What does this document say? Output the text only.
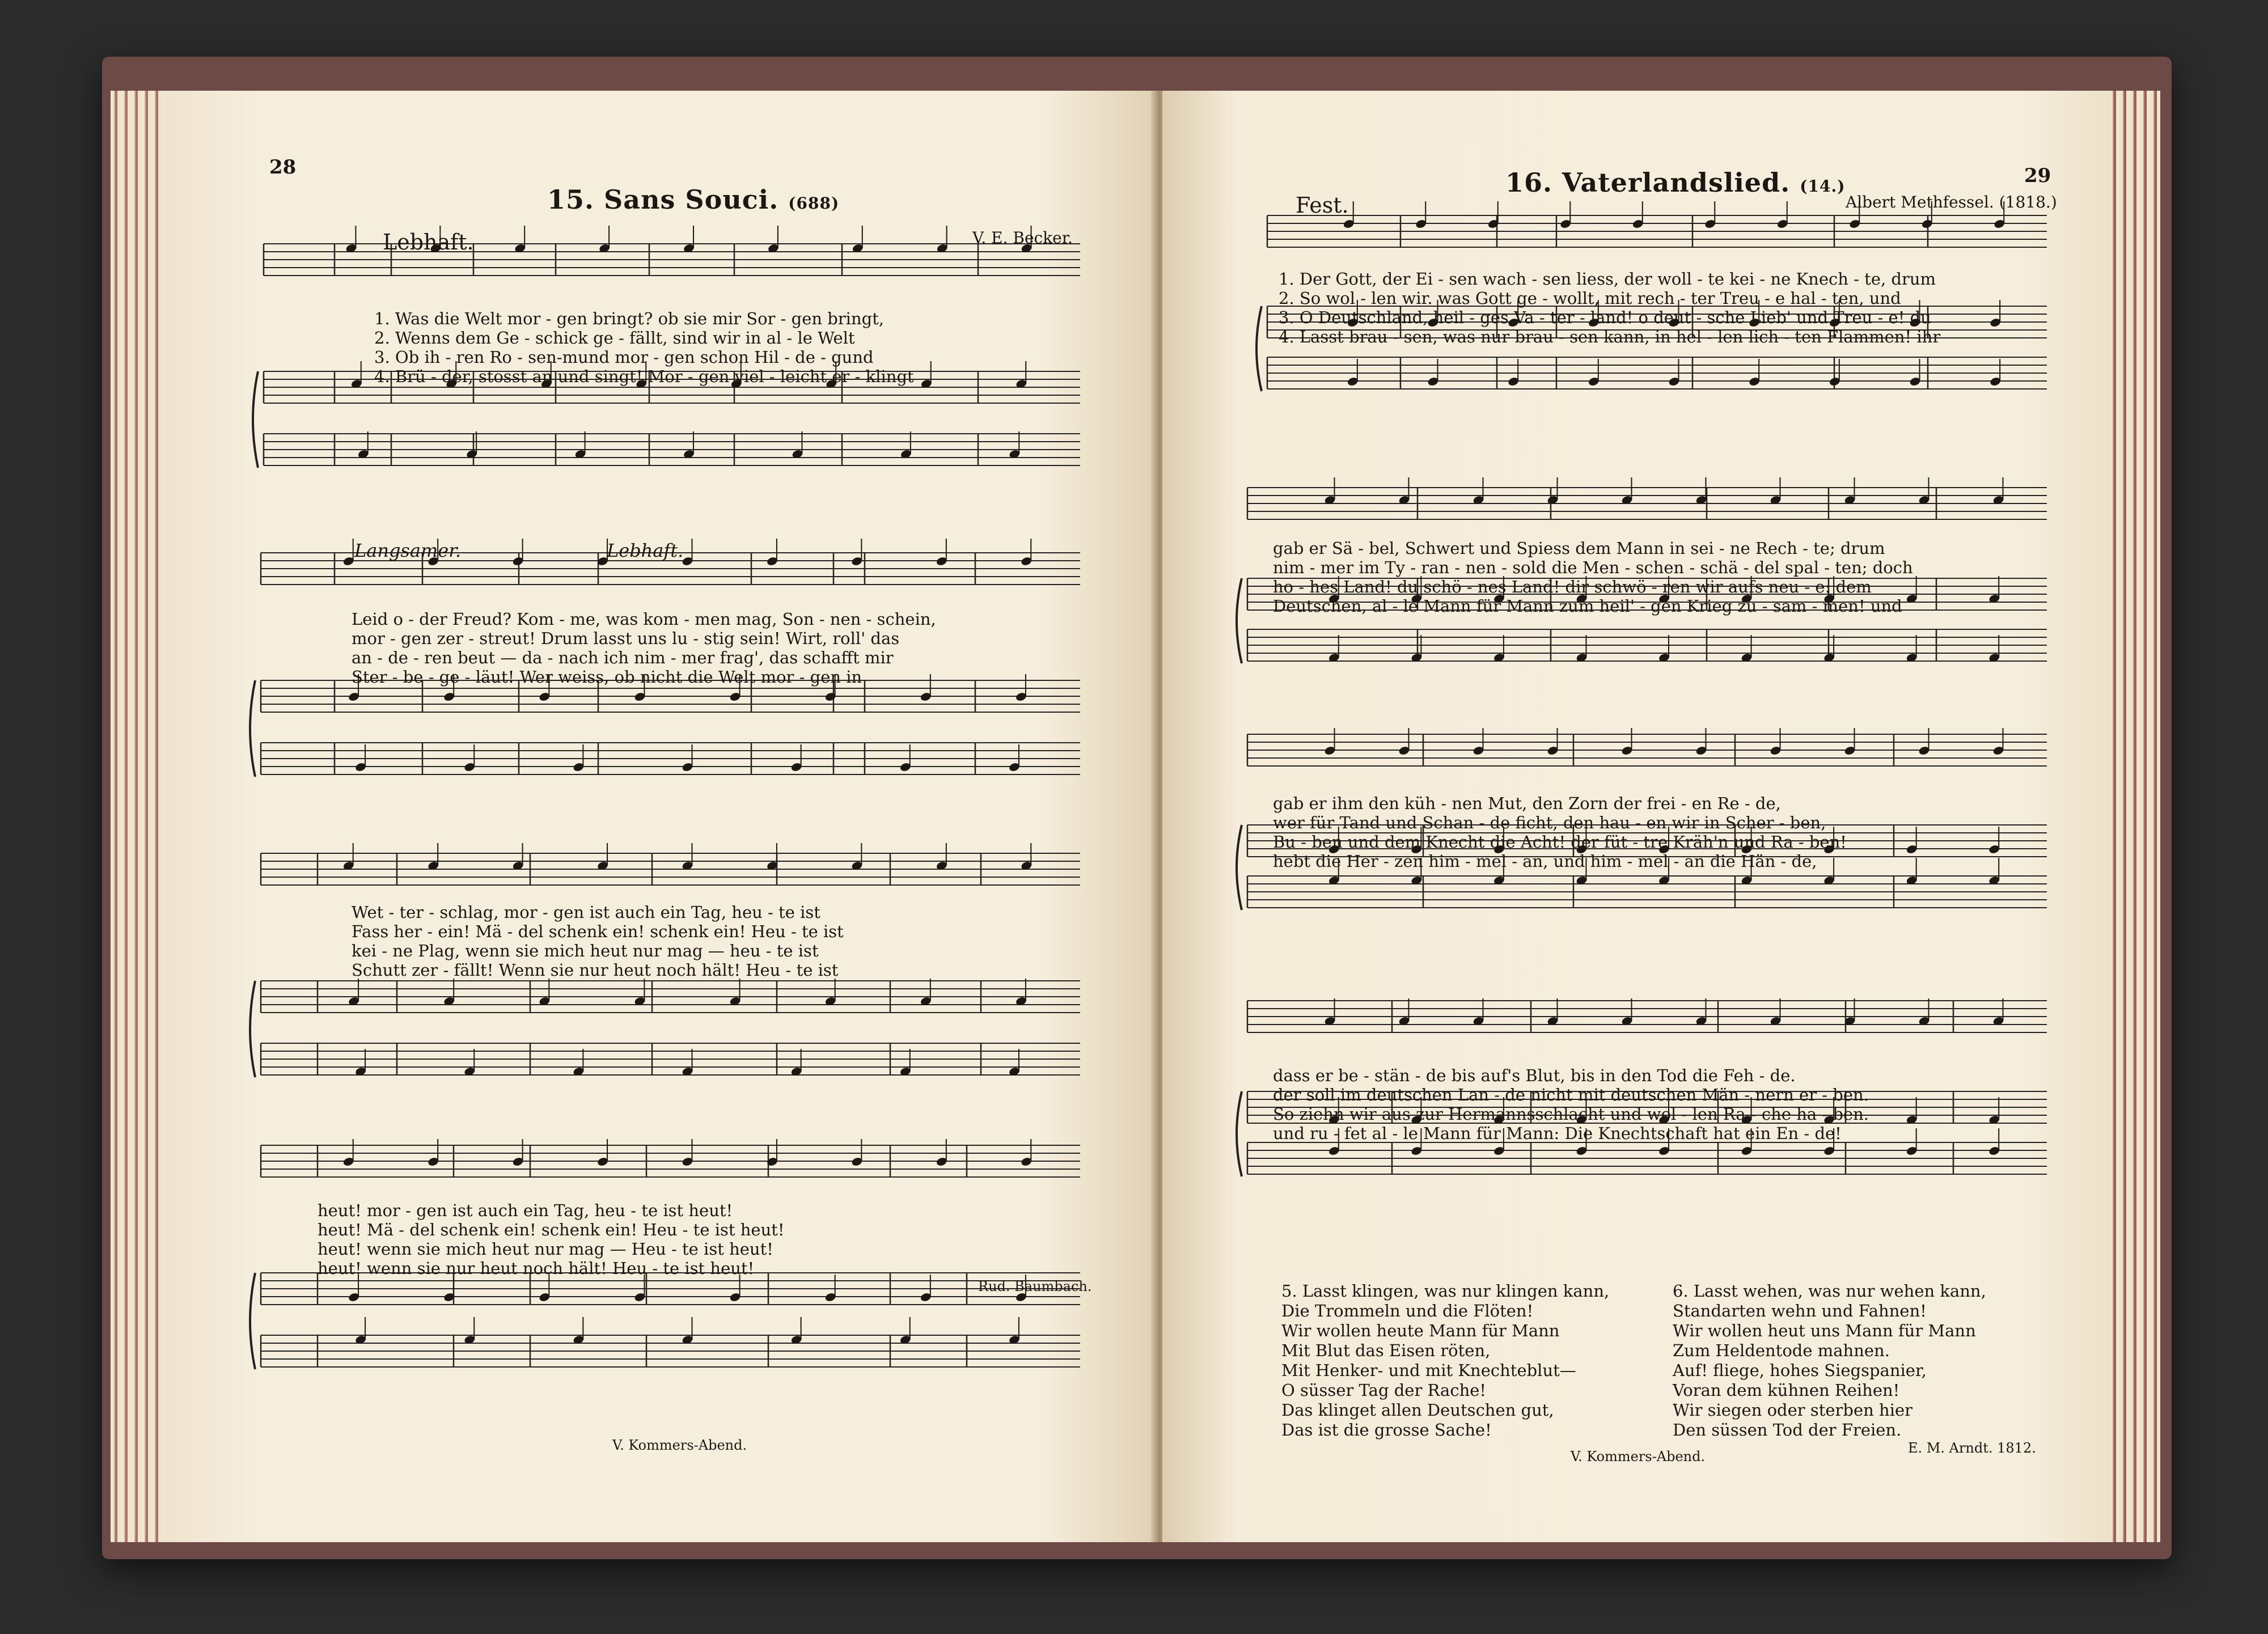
28
15. Sans Souci. (688)
Lebhaft.	V. E. Becker.
1. Was die Welt mor - gen bringt? ob sie mir Sor - gen bringt,
2. Wenns dem Ge - schick ge - fällt, sind wir in al - le Welt
3. Ob ih - ren Ro - sen-mund mor - gen schon Hil - de - gund
4. Brü - der, stosst an und singt! Mor - gen viel - leicht er - klingt
Langsamer.	Lebhaft.
Leid o - der Freud? Kom - me, was kom - men mag, Son - nen - schein,
mor - gen zer - streut! Drum lasst uns lu - stig sein! Wirt, roll' das
an - de - ren beut — da - nach ich nim - mer frag', das schafft mir
Ster - be - ge - läut! Wer weiss, ob nicht die Welt mor - gen in
Wet - ter - schlag, mor - gen ist auch ein Tag, heu - te ist
Fass her - ein! Mä - del schenk ein! schenk ein! Heu - te ist
kei - ne Plag, wenn sie mich heut nur mag — heu - te ist
Schutt zer - fällt! Wenn sie nur heut noch hält! Heu - te ist
heut! mor - gen ist auch ein Tag, heu - te ist heut!
heut! Mä - del schenk ein! schenk ein! Heu - te ist heut!
heut! wenn sie mich heut nur mag — Heu - te ist heut!
heut! wenn sie nur heut noch hält! Heu - te ist heut!
Rud. Baumbach.
V. Kommers-Abend.
29
16. Vaterlandslied. (14.)
Fest.	Albert Methfessel. (1818.)
1. Der Gott, der Ei - sen wach - sen liess, der woll - te kei - ne Knech - te, drum
2. So wol - len wir. was Gott ge - wollt, mit rech - ter Treu - e hal - ten, und
3. O Deutschland, heil - ges Va - ter - land! o deut - sche Lieb' und Treu - e! du
4. Lasst brau - sen, was nur brau - sen kann, in hel - len lich - ten Flammen! ihr
gab er Sä - bel, Schwert und Spiess dem Mann in sei - ne Rech - te; drum
nim - mer im Ty - ran - nen - sold die Men - schen - schä - del spal - ten; doch
ho - hes Land! du schö - nes Land! dir schwö - ren wir aufs neu - e: dem
Deutschen, al - le Mann für Mann zum heil' - gen Krieg zu - sam - men! und
gab er ihm den küh - nen Mut, den Zorn der frei - en Re - de,
wer für Tand und Schan - de ficht, den hau - en wir in Scher - ben,
Bu - ben und dem Knecht die Acht! der füt - tre Kräh'n und Ra - ben!
hebt die Her - zen him - mel - an, und him - mel - an die Hän - de,
dass er be - stän - de bis auf's Blut, bis in den Tod die Feh - de.
der soll im deutschen Lan - de nicht mit deutschen Män - nern er - ben.
So ziehn wir aus zur Hermannsschlacht und wol - len Ra - che ha - ben.
und ru - fet al - le Mann für Mann: Die Knechtschaft hat ein En - de!
5. Lasst klingen, was nur klingen kann,
Die Trommeln und die Flöten!
Wir wollen heute Mann für Mann
Mit Blut das Eisen röten,
Mit Henker- und mit Knechteblut—
O süsser Tag der Rache!
Das klinget allen Deutschen gut,
Das ist die grosse Sache!
6. Lasst wehen, was nur wehen kann,
Standarten wehn und Fahnen!
Wir wollen heut uns Mann für Mann
Zum Heldentode mahnen.
Auf! fliege, hohes Siegspanier,
Voran dem kühnen Reihen!
Wir siegen oder sterben hier
Den süssen Tod der Freien.
E. M. Arndt. 1812.
V. Kommers-Abend.
